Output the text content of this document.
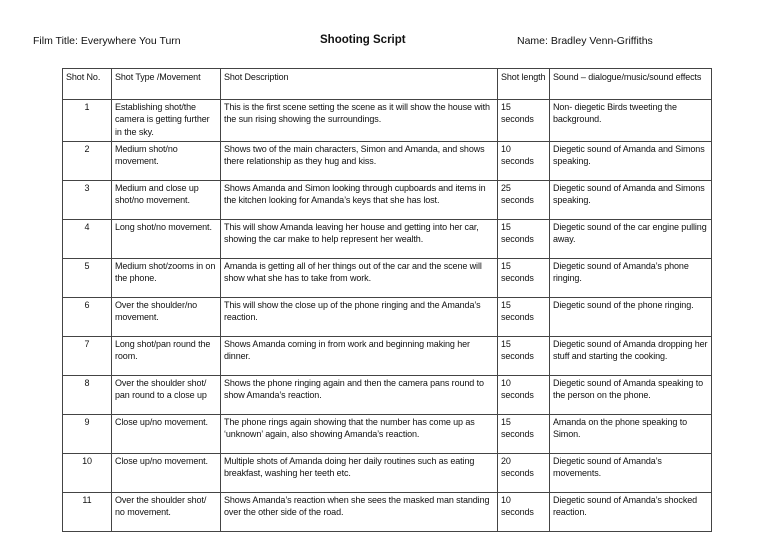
Film Title: Everywhere You Turn	Shooting Script	Name: Bradley Venn-Griffiths
Shot No.	Shot Type /Movement	Shot Description	Shot length	Sound – dialogue/music/sound effects
1	Establishing shot/the camera is getting further in the sky.	This is the first scene setting the scene as it will show the house with the sun rising showing the surroundings.	15 seconds	Non- diegetic Birds tweeting the background.
2	Medium shot/no movement.	Shows two of the main characters, Simon and Amanda, and shows there relationship as they hug and kiss.	10 seconds	Diegetic sound of Amanda and Simons speaking.
3	Medium and close up shot/no movement.	Shows Amanda and Simon looking through cupboards and items in the kitchen looking for Amanda’s keys that she has lost.	25 seconds	Diegetic sound of Amanda and Simons speaking.
4	Long shot/no movement.	This will show Amanda leaving her house and getting into her car, showing the car make to help represent her wealth.	15 seconds	Diegetic sound of the car engine pulling away.
5	Medium shot/zooms in on the phone.	Amanda is getting all of her things out of the car and the scene will show what she has to take from work.	15 seconds	Diegetic sound of Amanda’s phone ringing.
6	Over the shoulder/no movement.	This will show the close up of the phone ringing and the Amanda’s reaction.	15 seconds	Diegetic sound of the phone ringing.
7	Long shot/pan round the room.	Shows Amanda coming in from work and beginning making her dinner.	15 seconds	Diegetic sound of Amanda dropping her stuff and starting the cooking.
8	Over the shoulder shot/ pan round to a close up	Shows the phone ringing again and then the camera pans round to show Amanda’s reaction.	10 seconds	Diegetic sound of Amanda speaking to the person on the phone.
9	Close up/no movement.	The phone rings again showing that the number has come up as ‘unknown’ again, also showing Amanda’s reaction.	15 seconds	Amanda on the phone speaking to Simon.
10	Close up/no movement.	Multiple shots of Amanda doing her daily routines such as eating breakfast, washing her teeth etc.	20 seconds	Diegetic sound of Amanda’s movements.
11	Over the shoulder shot/ no movement.	Shows Amanda’s reaction when she sees the masked man standing over the other side of the road.	10 seconds	Diegetic sound of Amanda’s shocked reaction.
